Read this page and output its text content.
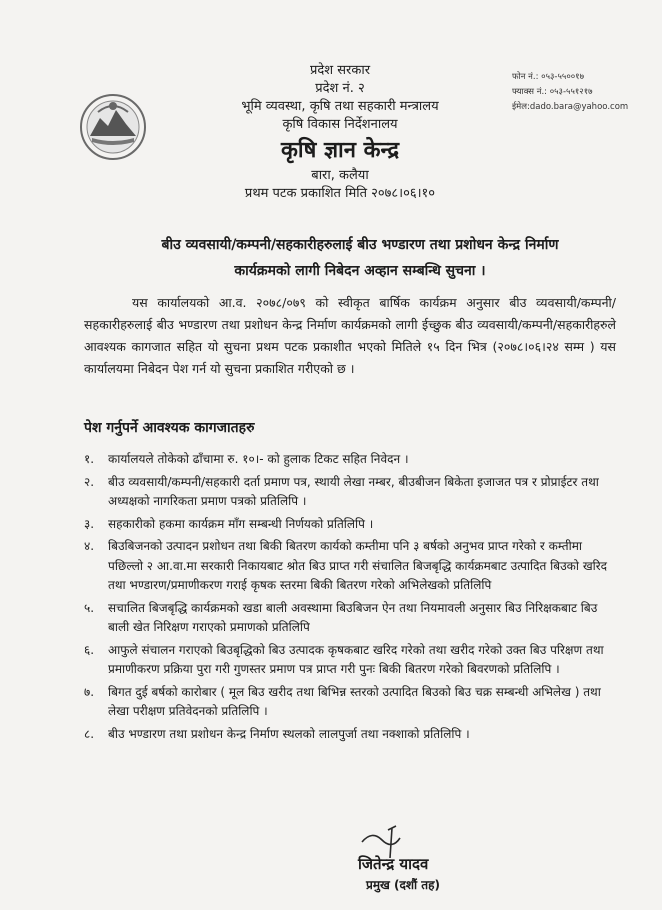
प्रदेश सरकार
प्रदेश नं. २
भूमि व्यवस्था, कृषि तथा सहकारी मन्त्रालय
कृषि विकास निर्देशनालय
कृषि ज्ञान केन्द्र
बारा, कलैया
प्रथम पटक प्रकाशित मिति २०७८।०६।१०
फोन नं.: ०५३-५५००१७
फ्याक्स नं.: ०५३-५५१२१७
ईमेल:dado.bara@yahoo.com
बीउ व्यवसायी/कम्पनी/सहकारीहरुलाई बीउ भण्डारण तथा प्रशोधन केन्द्र निर्माण
कार्यक्रमको लागी निबेदन अव्हान सम्बन्धि सुचना ।
यस कार्यालयको आ.व. २०७८/०७९ को स्वीकृत बार्षिक कार्यक्रम अनुसार बीउ व्यवसायी/कम्पनी/सहकारीहरुलाई बीउ भण्डारण तथा प्रशोधन केन्द्र निर्माण कार्यक्रमको लागी ईच्छुक बीउ व्यवसायी/कम्पनी/सहकारीहरुले आवश्यक कागजात सहित यो सुचना प्रथम पटक प्रकाशीत भएको मितिले १५ दिन भित्र (२०७८।०६।२४ सम्म ) यस कार्यालयमा निबेदन पेश गर्न यो सुचना प्रकाशित गरीएको छ ।
पेश गर्नुपर्ने आवश्यक कागजातहरु
१.	कार्यालयले तोकेको ढाँचामा रु. १०।- को हुलाक टिकट सहित निवेदन ।
२.	बीउ व्यवसायी/कम्पनी/सहकारी दर्ता प्रमाण पत्र, स्थायी लेखा नम्बर, बीउबीजन बिकेता इजाजत पत्र र प्रोप्राईटर तथा अध्यक्षको नागरिकता प्रमाण पत्रको प्रतिलिपि ।
३.	सहकारीको हकमा कार्यक्रम माँग सम्बन्धी निर्णयको प्रतिलिपि ।
४.	बिउबिजनको उत्पादन प्रशोधन तथा बिकी बितरण कार्यको कम्तीमा पनि ३ बर्षको अनुभव प्राप्त गरेको र कम्तीमा पछिल्लो २ आ.वा.मा सरकारी निकायबाट श्रोत बिउ प्राप्त गरी संचालित बिजबृद्धि कार्यक्रमबाट उत्पादित बिउको खरिद तथा भण्डारण/प्रमाणीकरण गराई कृषक स्तरमा बिकी बितरण गरेको अभिलेखको प्रतिलिपि
५.	सचालित बिजबृद्धि कार्यक्रमको खडा बाली अवस्थामा बिउबिजन ऐन तथा नियमावली अनुसार बिउ निरिक्षकबाट बिउ बाली खेत निरिक्षण गराएको प्रमाणको प्रतिलिपि
६.	आफुले संचालन गराएको बिउबृद्धिको बिउ उत्पादक कृषकबाट खरिद गरेको तथा खरीद गरेको उक्त बिउ परिक्षण तथा प्रमाणीकरण प्रक्रिया पुरा गरी गुणस्तर प्रमाण पत्र प्राप्त गरी पुनः बिकी बितरण गरेको बिवरणको प्रतिलिपि ।
७.	बिगत दुई बर्षको कारोबार ( मूल बिउ खरीद तथा बिभिन्न स्तरको उत्पादित बिउको बिउ चक्र सम्बन्धी अभिलेख ) तथा लेखा परीक्षण प्रतिवेदनको प्रतिलिपि ।
८.	बीउ भण्डारण तथा प्रशोधन केन्द्र निर्माण स्थलको लालपुर्जा तथा नक्शाको प्रतिलिपि ।
जितेन्द्र यादव
प्रमुख (दशौं तह)
